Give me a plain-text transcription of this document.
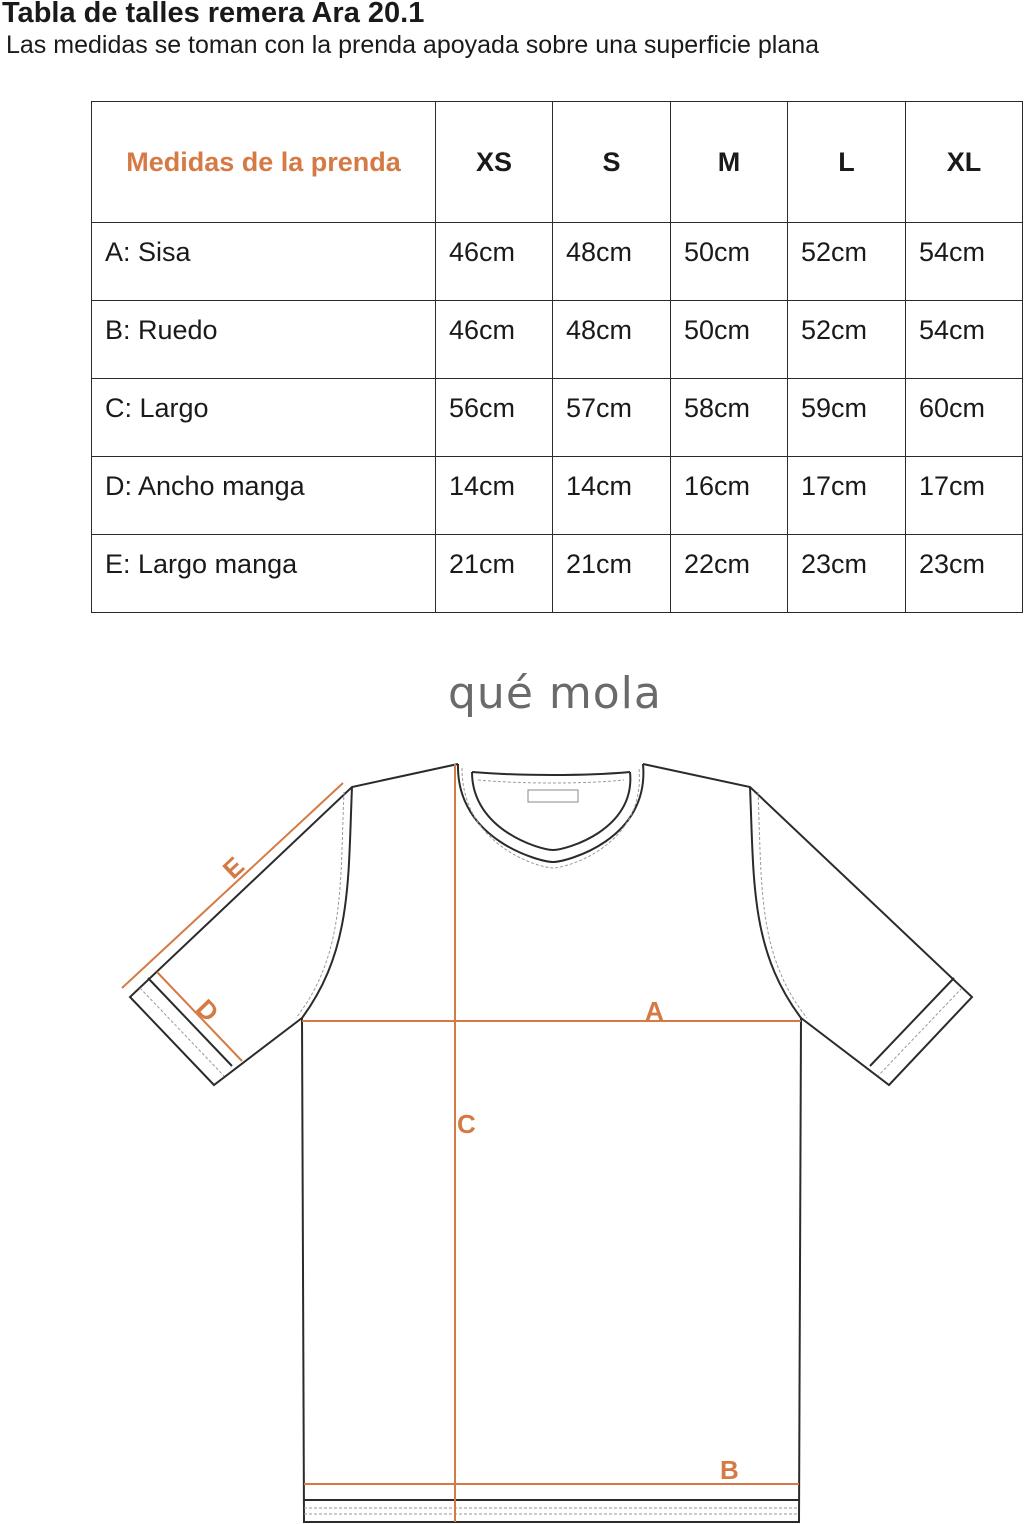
Tabla de talles remera Ara 20.1
Las medidas se toman con la prenda apoyada sobre una superficie plana
Medidas de la prenda	XS	S	M	L	XL
A: Sisa	46cm	48cm	50cm	52cm	54cm
B: Ruedo	46cm	48cm	50cm	52cm	54cm
C: Largo	56cm	57cm	58cm	59cm	60cm
D: Ancho manga	14cm	14cm	16cm	17cm	17cm
E: Largo manga	21cm	21cm	22cm	23cm	23cm
qué mola
A
B
C
D
E
